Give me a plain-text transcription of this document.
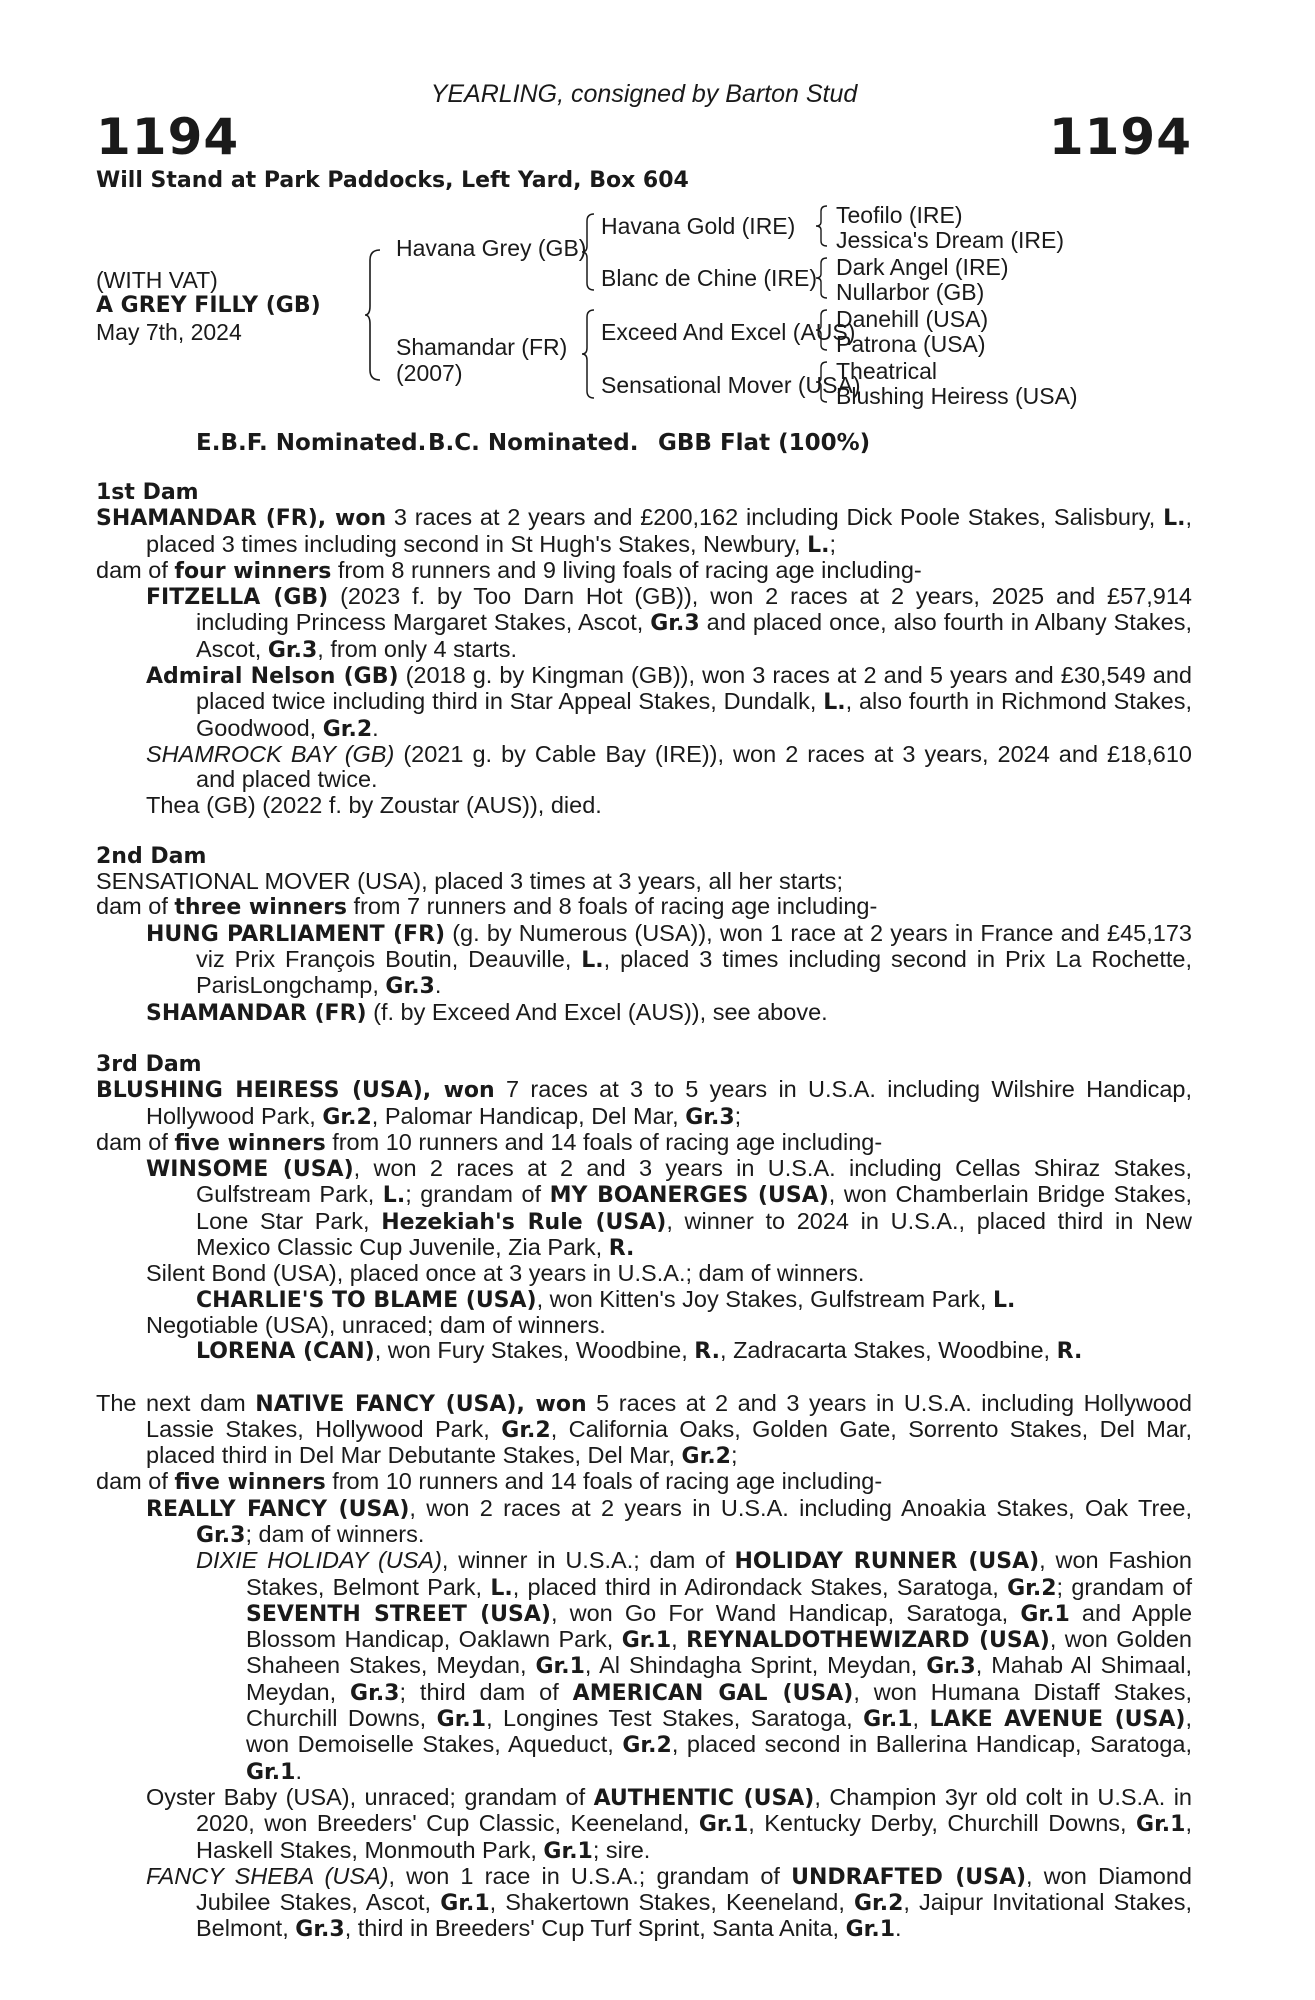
YEARLING, consigned by Barton Stud
1194	1194
Will Stand at Park Paddocks, Left Yard, Box 604
(WITH VAT)
A GREY FILLY (GB)
May 7th, 2024
Havana Grey (GB)
Shamandar (FR)
(2007)
Havana Gold (IRE)
Blanc de Chine (IRE)
Exceed And Excel (AUS)
Sensational Mover (USA)
Teofilo (IRE)
Jessica's Dream (IRE)
Dark Angel (IRE)
Nullarbor (GB)
Danehill (USA)
Patrona (USA)
Theatrical
Blushing Heiress (USA)
E.B.F. Nominated. B.C. Nominated. GBB Flat (100%)
1st Dam
SHAMANDAR (FR), won 3 races at 2 years and £200,162 including Dick Poole Stakes, Salisbury, L., placed 3 times including second in St Hugh's Stakes, Newbury, L.;
dam of four winners from 8 runners and 9 living foals of racing age including-
FITZELLA (GB) (2023 f. by Too Darn Hot (GB)), won 2 races at 2 years, 2025 and £57,914 including Princess Margaret Stakes, Ascot, Gr.3 and placed once, also fourth in Albany Stakes, Ascot, Gr.3, from only 4 starts.
Admiral Nelson (GB) (2018 g. by Kingman (GB)), won 3 races at 2 and 5 years and £30,549 and placed twice including third in Star Appeal Stakes, Dundalk, L., also fourth in Richmond Stakes, Goodwood, Gr.2.
SHAMROCK BAY (GB) (2021 g. by Cable Bay (IRE)), won 2 races at 3 years, 2024 and £18,610 and placed twice.
Thea (GB) (2022 f. by Zoustar (AUS)), died.
2nd Dam
SENSATIONAL MOVER (USA), placed 3 times at 3 years, all her starts;
dam of three winners from 7 runners and 8 foals of racing age including-
HUNG PARLIAMENT (FR) (g. by Numerous (USA)), won 1 race at 2 years in France and £45,173 viz Prix François Boutin, Deauville, L., placed 3 times including second in Prix La Rochette, ParisLongchamp, Gr.3.
SHAMANDAR (FR) (f. by Exceed And Excel (AUS)), see above.
3rd Dam
BLUSHING HEIRESS (USA), won 7 races at 3 to 5 years in U.S.A. including Wilshire Handicap, Hollywood Park, Gr.2, Palomar Handicap, Del Mar, Gr.3;
dam of five winners from 10 runners and 14 foals of racing age including-
WINSOME (USA), won 2 races at 2 and 3 years in U.S.A. including Cellas Shiraz Stakes, Gulfstream Park, L.; grandam of MY BOANERGES (USA), won Chamberlain Bridge Stakes, Lone Star Park, Hezekiah's Rule (USA), winner to 2024 in U.S.A., placed third in New Mexico Classic Cup Juvenile, Zia Park, R.
Silent Bond (USA), placed once at 3 years in U.S.A.; dam of winners.
CHARLIE'S TO BLAME (USA), won Kitten's Joy Stakes, Gulfstream Park, L.
Negotiable (USA), unraced; dam of winners.
LORENA (CAN), won Fury Stakes, Woodbine, R., Zadracarta Stakes, Woodbine, R.
The next dam NATIVE FANCY (USA), won 5 races at 2 and 3 years in U.S.A. including Hollywood Lassie Stakes, Hollywood Park, Gr.2, California Oaks, Golden Gate, Sorrento Stakes, Del Mar, placed third in Del Mar Debutante Stakes, Del Mar, Gr.2;
dam of five winners from 10 runners and 14 foals of racing age including-
REALLY FANCY (USA), won 2 races at 2 years in U.S.A. including Anoakia Stakes, Oak Tree, Gr.3; dam of winners.
DIXIE HOLIDAY (USA), winner in U.S.A.; dam of HOLIDAY RUNNER (USA), won Fashion Stakes, Belmont Park, L., placed third in Adirondack Stakes, Saratoga, Gr.2; grandam of SEVENTH STREET (USA), won Go For Wand Handicap, Saratoga, Gr.1 and Apple Blossom Handicap, Oaklawn Park, Gr.1, REYNALDOTHEWIZARD (USA), won Golden Shaheen Stakes, Meydan, Gr.1, Al Shindagha Sprint, Meydan, Gr.3, Mahab Al Shimaal, Meydan, Gr.3; third dam of AMERICAN GAL (USA), won Humana Distaff Stakes, Churchill Downs, Gr.1, Longines Test Stakes, Saratoga, Gr.1, LAKE AVENUE (USA), won Demoiselle Stakes, Aqueduct, Gr.2, placed second in Ballerina Handicap, Saratoga, Gr.1.
Oyster Baby (USA), unraced; grandam of AUTHENTIC (USA), Champion 3yr old colt in U.S.A. in 2020, won Breeders' Cup Classic, Keeneland, Gr.1, Kentucky Derby, Churchill Downs, Gr.1, Haskell Stakes, Monmouth Park, Gr.1; sire.
FANCY SHEBA (USA), won 1 race in U.S.A.; grandam of UNDRAFTED (USA), won Diamond Jubilee Stakes, Ascot, Gr.1, Shakertown Stakes, Keeneland, Gr.2, Jaipur Invitational Stakes, Belmont, Gr.3, third in Breeders' Cup Turf Sprint, Santa Anita, Gr.1.
